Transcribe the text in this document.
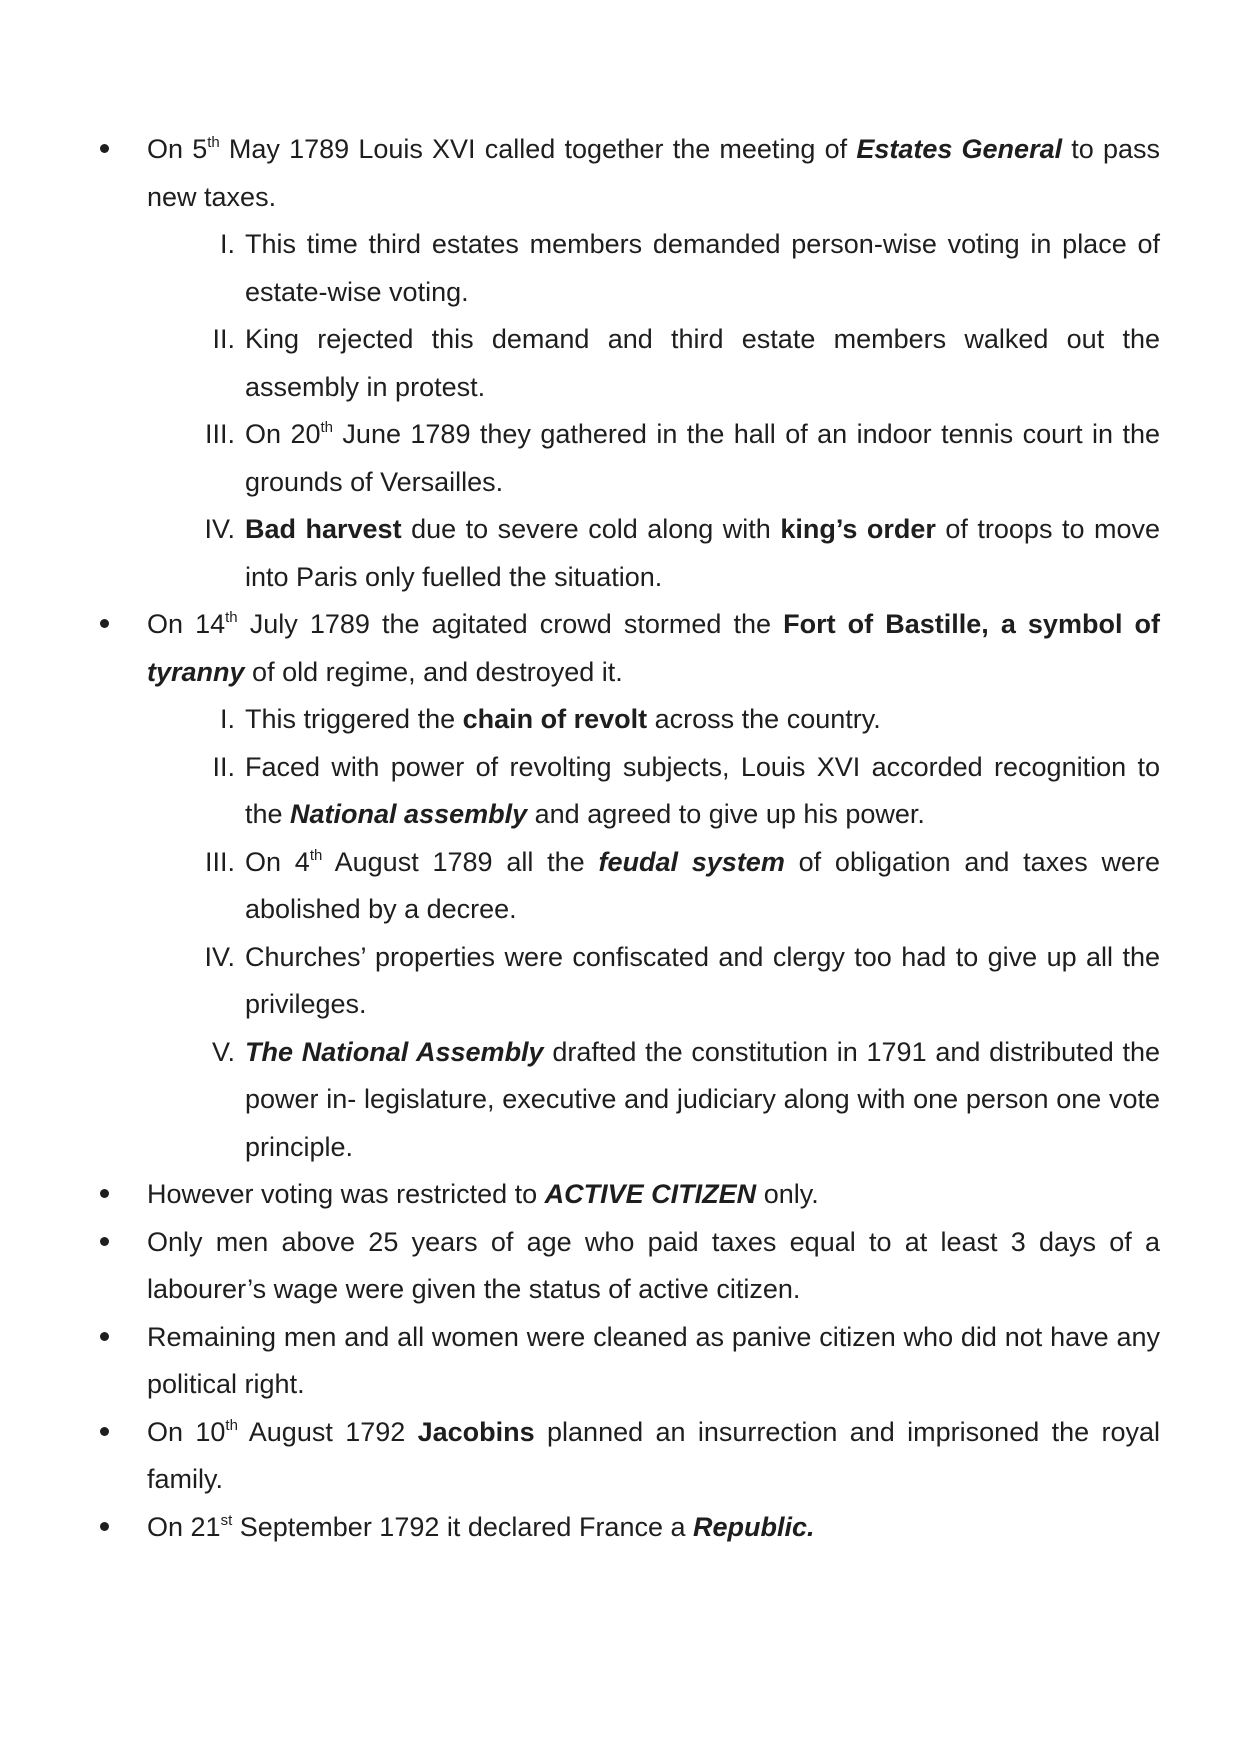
On 5th May 1789 Louis XVI called together the meeting of Estates General to pass new taxes.
I. This time third estates members demanded person-wise voting in place of estate-wise voting.
II. King rejected this demand and third estate members walked out the assembly in protest.
III. On 20th June 1789 they gathered in the hall of an indoor tennis court in the grounds of Versailles.
IV. Bad harvest due to severe cold along with king’s order of troops to move into Paris only fuelled the situation.
On 14th July 1789 the agitated crowd stormed the Fort of Bastille, a symbol of tyranny of old regime, and destroyed it.
I. This triggered the chain of revolt across the country.
II. Faced with power of revolting subjects, Louis XVI accorded recognition to the National assembly and agreed to give up his power.
III. On 4th August 1789 all the feudal system of obligation and taxes were abolished by a decree.
IV. Churches’ properties were confiscated and clergy too had to give up all the privileges.
V. The National Assembly drafted the constitution in 1791 and distributed the power in- legislature, executive and judiciary along with one person one vote principle.
However voting was restricted to ACTIVE CITIZEN only.
Only men above 25 years of age who paid taxes equal to at least 3 days of a labourer’s wage were given the status of active citizen.
Remaining men and all women were cleaned as panive citizen who did not have any political right.
On 10th August 1792 Jacobins planned an insurrection and imprisoned the royal family.
On 21st September 1792 it declared France a Republic.
